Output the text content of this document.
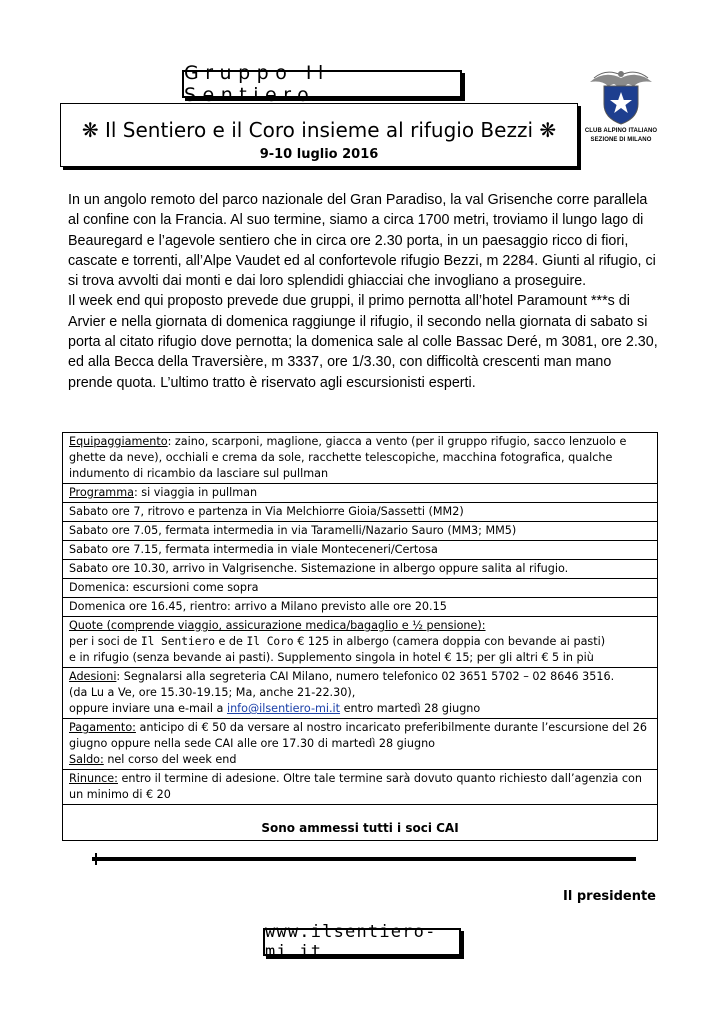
Gruppo Il Sentiero
❋ Il Sentiero e il Coro insieme al rifugio Bezzi ❋
9-10 luglio 2016
CLUB ALPINO ITALIANO
SEZIONE DI MILANO

In un angolo remoto del parco nazionale del Gran Paradiso, la val Grisenche corre parallela al confine con la Francia. Al suo termine, siamo a circa 1700 metri, troviamo il lungo lago di Beauregard e l’agevole sentiero che in circa ore 2.30 porta, in un paesaggio ricco di fiori, cascate e torrenti, all’Alpe Vaudet ed al confortevole rifugio Bezzi, m 2284. Giunti al rifugio, ci si trova avvolti dai monti e dai loro splendidi ghiacciai che invogliano a proseguire.

Il week end qui proposto prevede due gruppi, il primo pernotta all’hotel Paramount ***s di Arvier e nella giornata di domenica raggiunge il rifugio, il secondo nella giornata di sabato si porta al citato rifugio dove pernotta; la domenica sale al colle Bassac Deré, m 3081, ore 2.30, ed alla Becca della Traversière, m 3337, ore 1/3.30, con difficoltà crescenti man mano prende quota. L’ultimo tratto è riservato agli escursionisti esperti.

Equipaggiamento: zaino, scarponi, maglione, giacca a vento (per il gruppo rifugio, sacco lenzuolo e ghette da neve), occhiali e crema da sole, racchette telescopiche, macchina fotografica, qualche indumento di ricambio da lasciare sul pullman
Programma: si viaggia in pullman
Sabato ore 7, ritrovo e partenza in Via Melchiorre Gioia/Sassetti (MM2)
Sabato ore 7.05, fermata intermedia in via Taramelli/Nazario Sauro (MM3; MM5)
Sabato ore 7.15, fermata intermedia in viale Monteceneri/Certosa
Sabato ore 10.30, arrivo in Valgrisenche. Sistemazione in albergo oppure salita al rifugio.
Domenica: escursioni come sopra
Domenica ore 16.45, rientro: arrivo a Milano previsto alle ore 20.15

Quote (comprende viaggio, assicurazione medica/bagaglio e ½ pensione):
per i soci de Il Sentiero e de Il Coro € 125 in albergo (camera doppia con bevande ai pasti)
e in rifugio (senza bevande ai pasti). Supplemento singola in hotel € 15; per gli altri € 5 in più

Adesioni: Segnalarsi alla segreteria CAI Milano, numero telefonico 02 3651 5702 – 02 8646 3516.
(da Lu a Ve, ore 15.30-19.15; Ma, anche 21-22.30),
oppure inviare una e-mail a info@ilsentiero-mi.it entro martedì 28 giugno

Pagamento: anticipo di € 50 da versare al nostro incaricato preferibilmente durante l’escursione del 26 giugno oppure nella sede CAI alle ore 17.30 di martedì 28 giugno
Saldo: nel corso del week end

Rinunce: entro il termine di adesione. Oltre tale termine sarà dovuto quanto richiesto dall’agenzia con un minimo di € 20
Sono ammessi tutti i soci CAI
Il presidente
www.ilsentiero-mi.it
